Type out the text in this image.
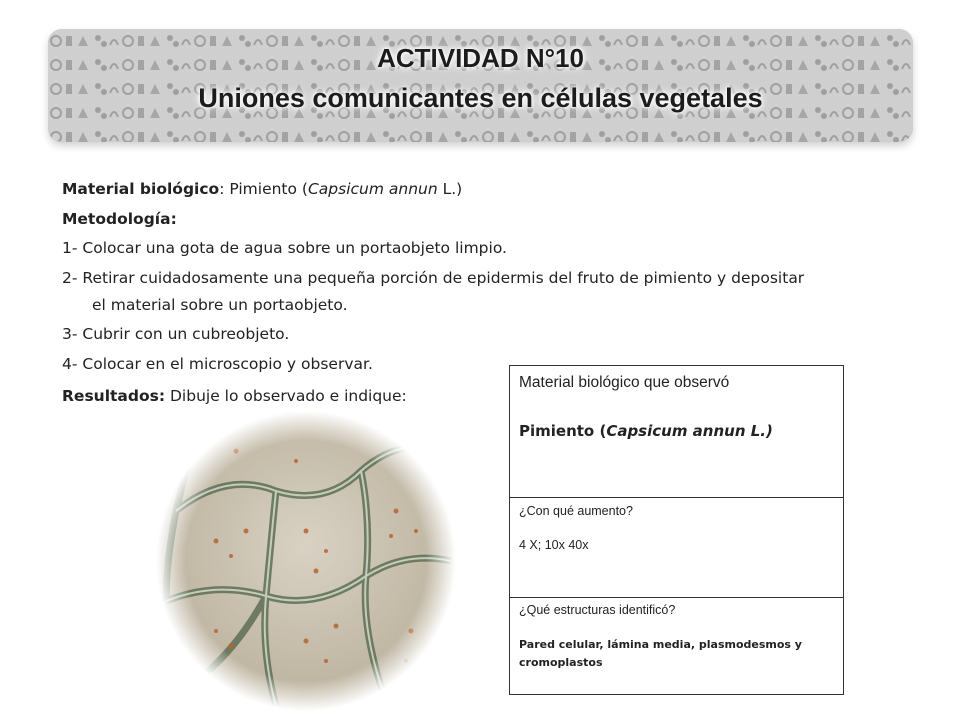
ACTIVIDAD N°10
Uniones comunicantes en células vegetales
Material biológico: Pimiento (Capsicum annun L.)
Metodología:
1- Colocar una gota de agua sobre un portaobjeto limpio.
2- Retirar cuidadosamente una pequeña porción de epidermis del fruto de pimiento y depositar
el material sobre un portaobjeto.
3- Cubrir con un cubreobjeto.
4- Colocar en el microscopio y observar.
Resultados: Dibuje lo observado e indique:
Material biológico que observó
Pimiento (Capsicum annun L.)
¿Con qué aumento?
4 X; 10x 40x
¿Qué estructuras identificó?
Pared celular, lámina media, plasmodesmos y
cromoplastos
